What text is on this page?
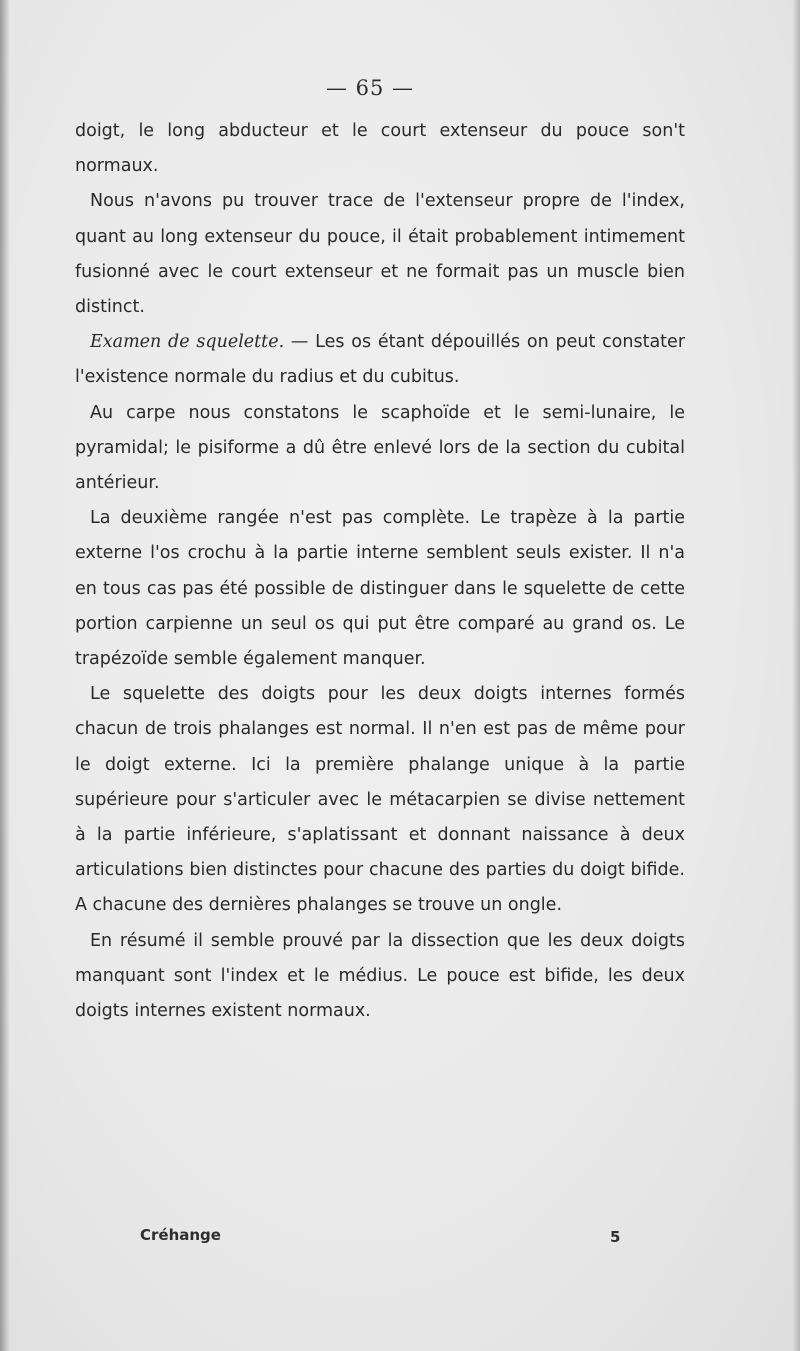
— 65 —

doigt, le long abducteur et le court extenseur du pouce son't normaux.

Nous n'avons pu trouver trace de l'extenseur propre de l'index, quant au long extenseur du pouce, il était probablement intimement fusionné avec le court extenseur et ne formait pas un muscle bien distinct.

Examen de squelette. — Les os étant dépouillés on peut constater l'existence normale du radius et du cubitus.

Au carpe nous constatons le scaphoïde et le semi-lunaire, le pyramidal; le pisiforme a dû être enlevé lors de la section du cubital antérieur.

La deuxième rangée n'est pas complète. Le trapèze à la partie externe l'os crochu à la partie interne semblent seuls exister. Il n'a en tous cas pas été possible de distinguer dans le squelette de cette portion carpienne un seul os qui put être comparé au grand os. Le trapézoïde semble également manquer.

Le squelette des doigts pour les deux doigts internes formés chacun de trois phalanges est normal. Il n'en est pas de même pour le doigt externe. Ici la première phalange unique à la partie supérieure pour s'articuler avec le métacarpien se divise nettement à la partie inférieure, s'aplatissant et donnant naissance à deux articulations bien distinctes pour chacune des parties du doigt bifide. A chacune des dernières phalanges se trouve un ongle.

En résumé il semble prouvé par la dissection que les deux doigts manquant sont l'index et le médius. Le pouce est bifide, les deux doigts internes existent normaux.

Créhange	5
